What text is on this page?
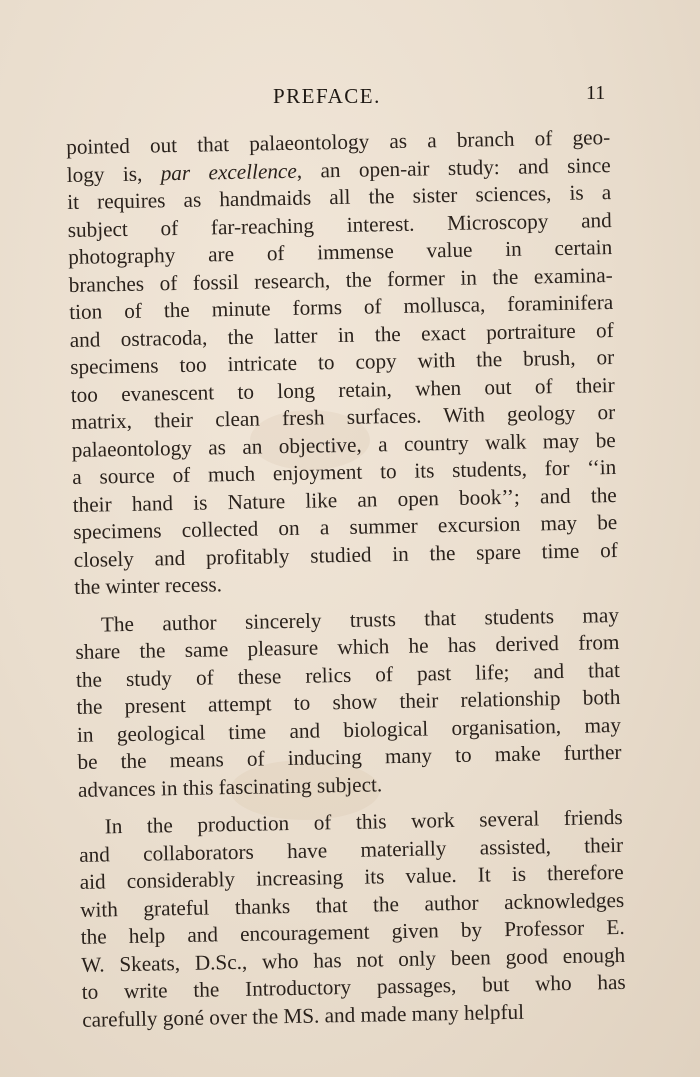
PREFACE.	11
pointed out that palaeontology as a branch of geo-
logy is, par excellence, an open-air study: and since
it requires as handmaids all the sister sciences, is a
subject of far-reaching interest. Microscopy and
photography are of immense value in certain
branches of fossil research, the former in the examina-
tion of the minute forms of mollusca, foraminifera
and ostracoda, the latter in the exact portraiture of
specimens too intricate to copy with the brush, or
too evanescent to long retain, when out of their
matrix, their clean fresh surfaces. With geology or
palaeontology as an objective, a country walk may be
a source of much enjoyment to its students, for ‘‘in
their hand is Nature like an open book’’; and the
specimens collected on a summer excursion may be
closely and profitably studied in the spare time of
the winter recess.
The author sincerely trusts that students may
share the same pleasure which he has derived from
the study of these relics of past life; and that
the present attempt to show their relationship both
in geological time and biological organisation, may
be the means of inducing many to make further
advances in this fascinating subject.
In the production of this work several friends
and collaborators have materially assisted, their
aid considerably increasing its value. It is therefore
with grateful thanks that the author acknowledges
the help and encouragement given by Professor E.
W. Skeats, D.Sc., who has not only been good enough
to write the Introductory passages, but who has
carefully goné over the MS. and made many helpful
